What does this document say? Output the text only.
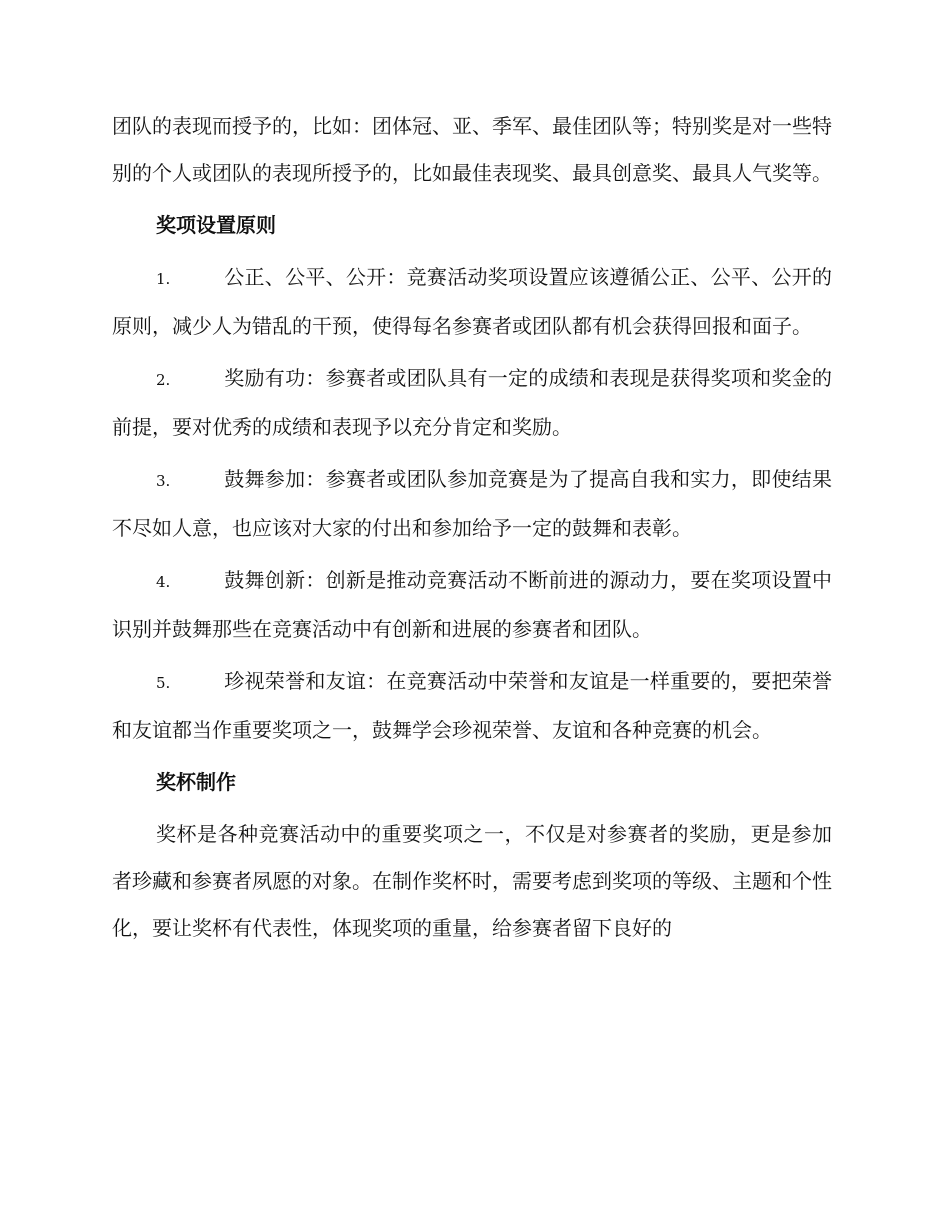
团队的表现而授予的，比如：团体冠、亚、季军、最佳团队等；特别奖是对一些特别的个人或团队的表现所授予的，比如最佳表现奖、最具创意奖、最具人气奖等。

奖项设置原则

1.	公正、公平、公开：竞赛活动奖项设置应该遵循公正、公平、公开的原则，减少人为错乱的干预，使得每名参赛者或团队都有机会获得回报和面子。

2.	奖励有功：参赛者或团队具有一定的成绩和表现是获得奖项和奖金的前提，要对优秀的成绩和表现予以充分肯定和奖励。

3.	鼓舞参加：参赛者或团队参加竞赛是为了提高自我和实力，即使结果不尽如人意，也应该对大家的付出和参加给予一定的鼓舞和表彰。

4.	鼓舞创新：创新是推动竞赛活动不断前进的源动力，要在奖项设置中识别并鼓舞那些在竞赛活动中有创新和进展的参赛者和团队。

5.	珍视荣誉和友谊：在竞赛活动中荣誉和友谊是一样重要的，要把荣誉和友谊都当作重要奖项之一，鼓舞学会珍视荣誉、友谊和各种竞赛的机会。

奖杯制作

奖杯是各种竞赛活动中的重要奖项之一，不仅是对参赛者的奖励，更是参加者珍藏和参赛者夙愿的对象。在制作奖杯时，需要考虑到奖项的等级、主题和个性化，要让奖杯有代表性，体现奖项的重量，给参赛者留下良好的
